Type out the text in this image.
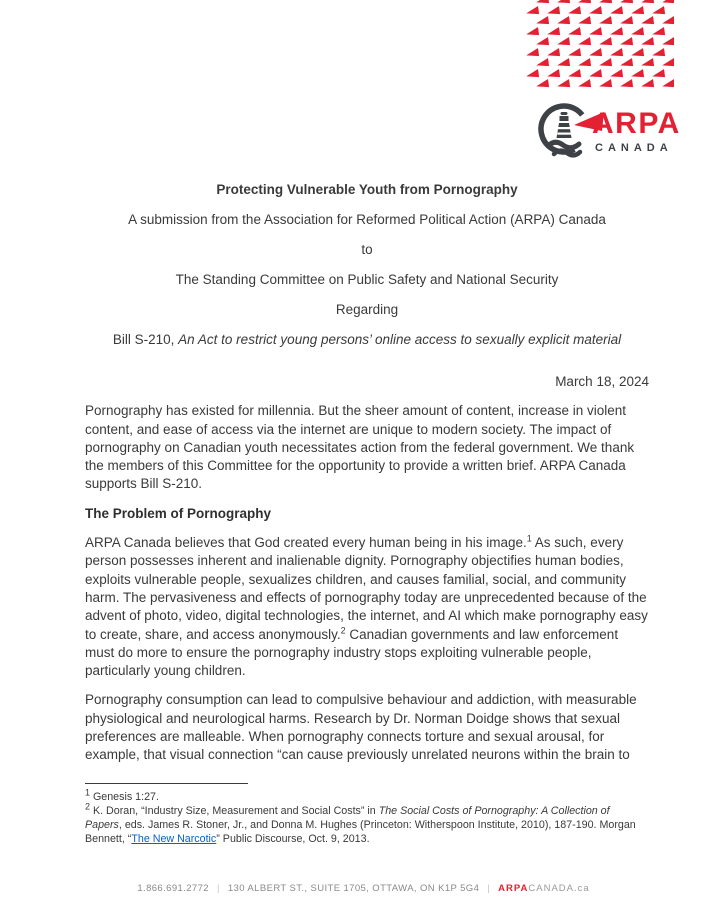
ARPA
CANADA

Protecting Vulnerable Youth from Pornography

A submission from the Association for Reformed Political Action (ARPA) Canada

to

The Standing Committee on Public Safety and National Security

Regarding

Bill S-210, An Act to restrict young persons’ online access to sexually explicit material

March 18, 2024

Pornography has existed for millennia. But the sheer amount of content, increase in violent content, and ease of access via the internet are unique to modern society. The impact of pornography on Canadian youth necessitates action from the federal government. We thank the members of this Committee for the opportunity to provide a written brief. ARPA Canada supports Bill S-210.

The Problem of Pornography

ARPA Canada believes that God created every human being in his image.$^1$ As such, every person possesses inherent and inalienable dignity. Pornography objectifies human bodies, exploits vulnerable people, sexualizes children, and causes familial, social, and community harm. The pervasiveness and effects of pornography today are unprecedented because of the advent of photo, video, digital technologies, the internet, and AI which make pornography easy to create, share, and access anonymously.$^2$ Canadian governments and law enforcement must do more to ensure the pornography industry stops exploiting vulnerable people, particularly young children.

Pornography consumption can lead to compulsive behaviour and addiction, with measurable physiological and neurological harms. Research by Dr. Norman Doidge shows that sexual preferences are malleable. When pornography connects torture and sexual arousal, for example, that visual connection “can cause previously unrelated neurons within the brain to

$^1$ Genesis 1:27.

$^2$ K. Doran, “Industry Size, Measurement and Social Costs” in The Social Costs of Pornography: A Collection of Papers, eds. James R. Stoner, Jr., and Donna M. Hughes (Princeton: Witherspoon Institute, 2010), 187-190. Morgan Bennett, “The New Narcotic” Public Discourse, Oct. 9, 2013.

1.866.691.2772 | 130 ALBERT ST., SUITE 1705, OTTAWA, ON K1P 5G4 | ARPACANADA.ca
